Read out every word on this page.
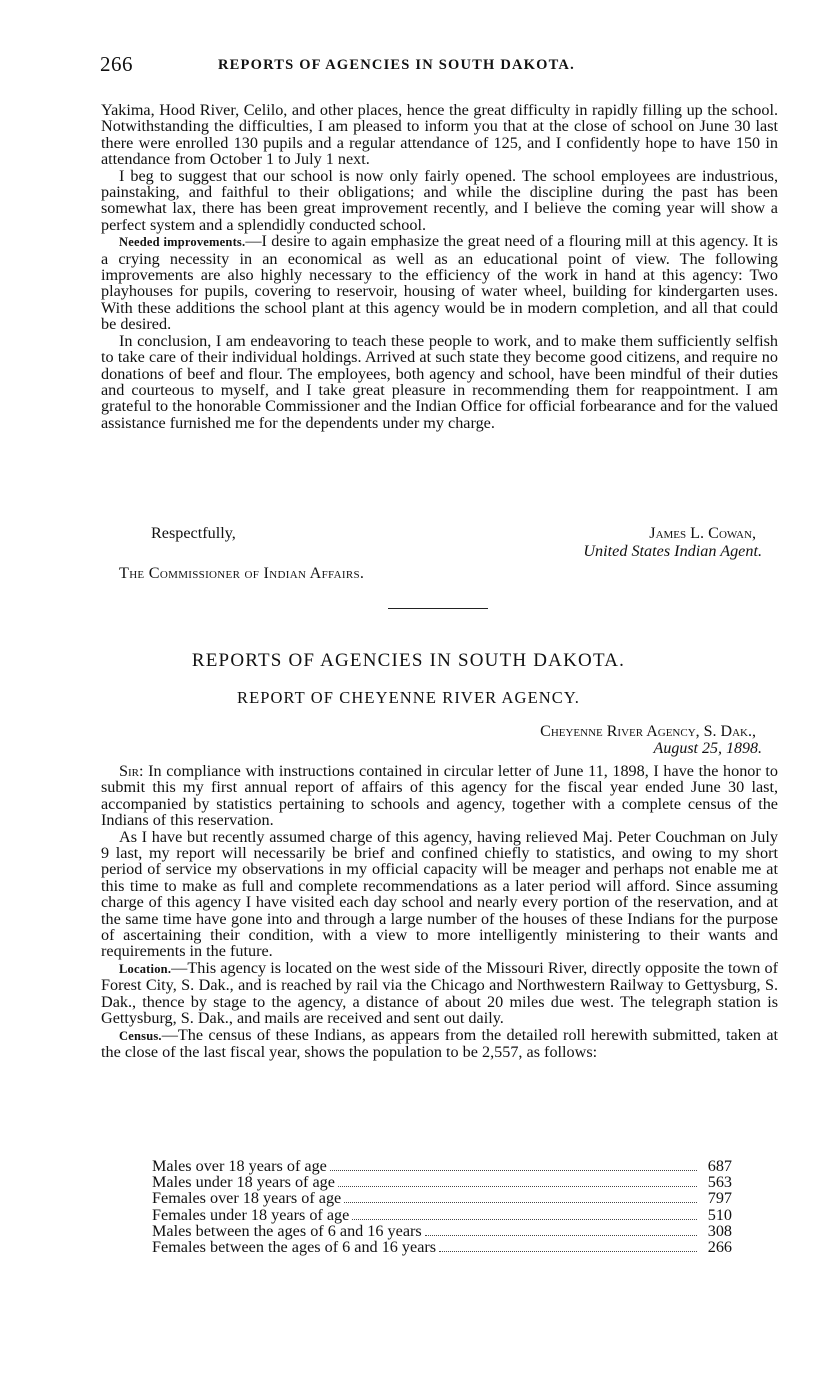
266	REPORTS OF AGENCIES IN SOUTH DAKOTA.

Yakima, Hood River, Celilo, and other places, hence the great difficulty in rapidly filling up the school. Notwithstanding the difficulties, I am pleased to inform you that at the close of school on June 30 last there were enrolled 130 pupils and a regular attendance of 125, and I confidently hope to have 150 in attendance from October 1 to July 1 next.

I beg to suggest that our school is now only fairly opened. The school employees are industrious, painstaking, and faithful to their obligations; and while the discipline during the past has been somewhat lax, there has been great improvement recently, and I believe the coming year will show a perfect system and a splendidly conducted school.

Needed improvements.—I desire to again emphasize the great need of a flouring mill at this agency. It is a crying necessity in an economical as well as an educational point of view. The following improvements are also highly necessary to the efficiency of the work in hand at this agency: Two playhouses for pupils, covering to reservoir, housing of water wheel, building for kindergarten uses. With these additions the school plant at this agency would be in modern completion, and all that could be desired.

In conclusion, I am endeavoring to teach these people to work, and to make them sufficiently selfish to take care of their individual holdings. Arrived at such state they become good citizens, and require no donations of beef and flour. The employees, both agency and school, have been mindful of their duties and courteous to myself, and I take great pleasure in recommending them for reappointment. I am grateful to the honorable Commissioner and the Indian Office for official forbearance and for the valued assistance furnished me for the dependents under my charge.

Respectfully,	James L. Cowan,
United States Indian Agent.
The Commissioner of Indian Affairs.
REPORTS OF AGENCIES IN SOUTH DAKOTA.
REPORT OF CHEYENNE RIVER AGENCY.
Cheyenne River Agency, S. Dak.,
August 25, 1898.

Sir: In compliance with instructions contained in circular letter of June 11, 1898, I have the honor to submit this my first annual report of affairs of this agency for the fiscal year ended June 30 last, accompanied by statistics pertaining to schools and agency, together with a complete census of the Indians of this reservation.

As I have but recently assumed charge of this agency, having relieved Maj. Peter Couchman on July 9 last, my report will necessarily be brief and confined chiefly to statistics, and owing to my short period of service my observations in my official capacity will be meager and perhaps not enable me at this time to make as full and complete recommendations as a later period will afford. Since assuming charge of this agency I have visited each day school and nearly every portion of the reservation, and at the same time have gone into and through a large number of the houses of these Indians for the purpose of ascertaining their condition, with a view to more intelligently ministering to their wants and requirements in the future.

Location.—This agency is located on the west side of the Missouri River, directly opposite the town of Forest City, S. Dak., and is reached by rail via the Chicago and Northwestern Railway to Gettysburg, S. Dak., thence by stage to the agency, a distance of about 20 miles due west. The telegraph station is Gettysburg, S. Dak., and mails are received and sent out daily.

Census.—The census of these Indians, as appears from the detailed roll herewith submitted, taken at the close of the last fiscal year, shows the population to be 2,557, as follows:

Males over 18 years of age	687
Males under 18 years of age	563
Females over 18 years of age	797
Females under 18 years of age	510
Males between the ages of 6 and 16 years	308
Females between the ages of 6 and 16 years	266
